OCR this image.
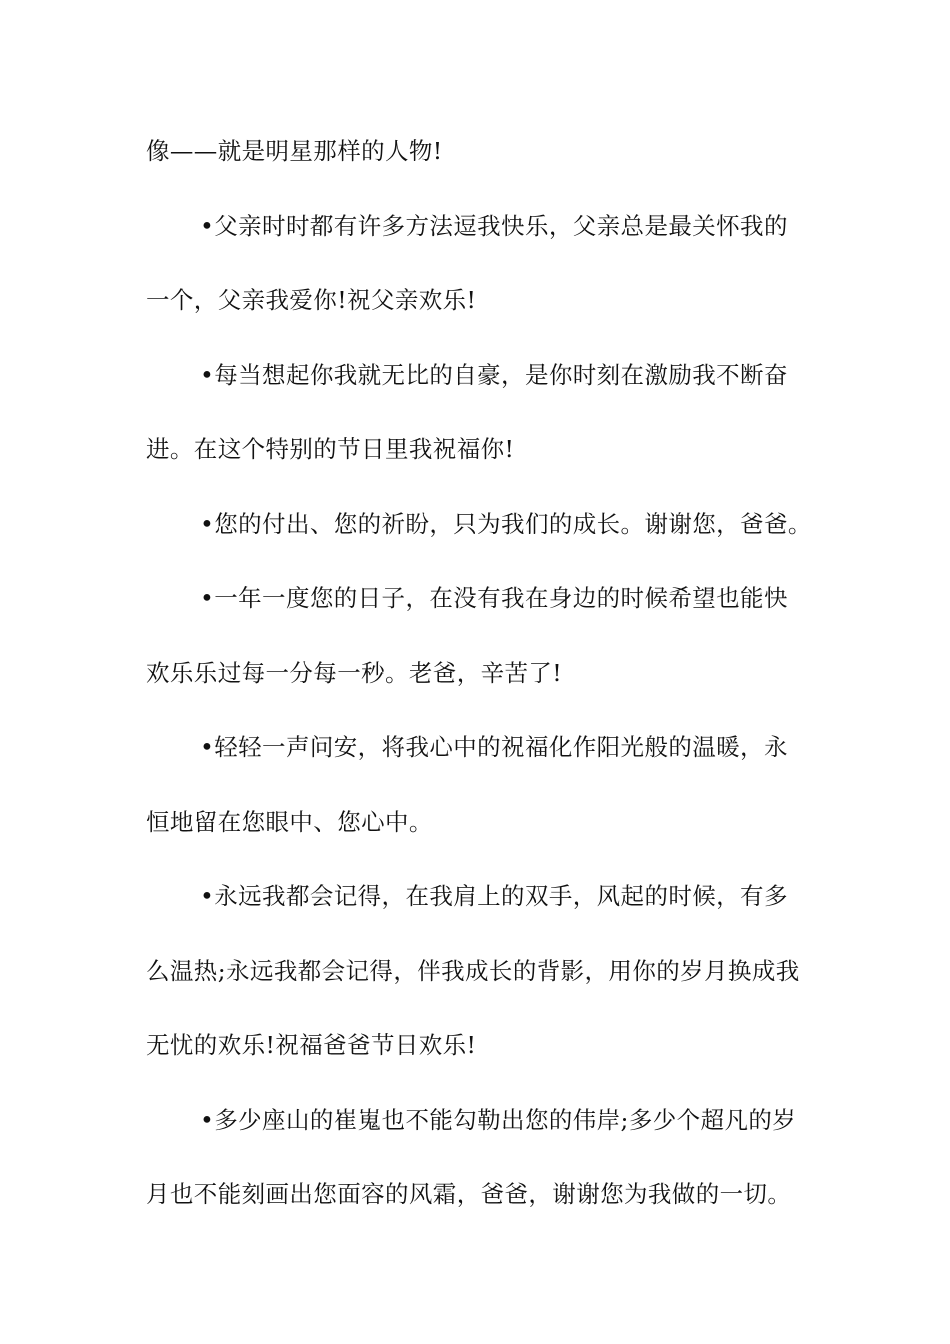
像——就是明星那样的人物!
•父亲时时都有许多方法逗我快乐，父亲总是最关怀我的
一个，父亲我爱你!祝父亲欢乐!
•每当想起你我就无比的自豪，是你时刻在激励我不断奋
进。在这个特别的节日里我祝福你!
•您的付出、您的祈盼，只为我们的成长。谢谢您，爸爸。
•一年一度您的日子，在没有我在身边的时候希望也能快
欢乐乐过每一分每一秒。老爸，辛苦了!
•轻轻一声问安，将我心中的祝福化作阳光般的温暖，永
恒地留在您眼中、您心中。
•永远我都会记得，在我肩上的双手，风起的时候，有多
么温热;永远我都会记得，伴我成长的背影，用你的岁月换成我
无忧的欢乐!祝福爸爸节日欢乐!
•多少座山的崔嵬也不能勾勒出您的伟岸;多少个超凡的岁
月也不能刻画出您面容的风霜，爸爸，谢谢您为我做的一切。
